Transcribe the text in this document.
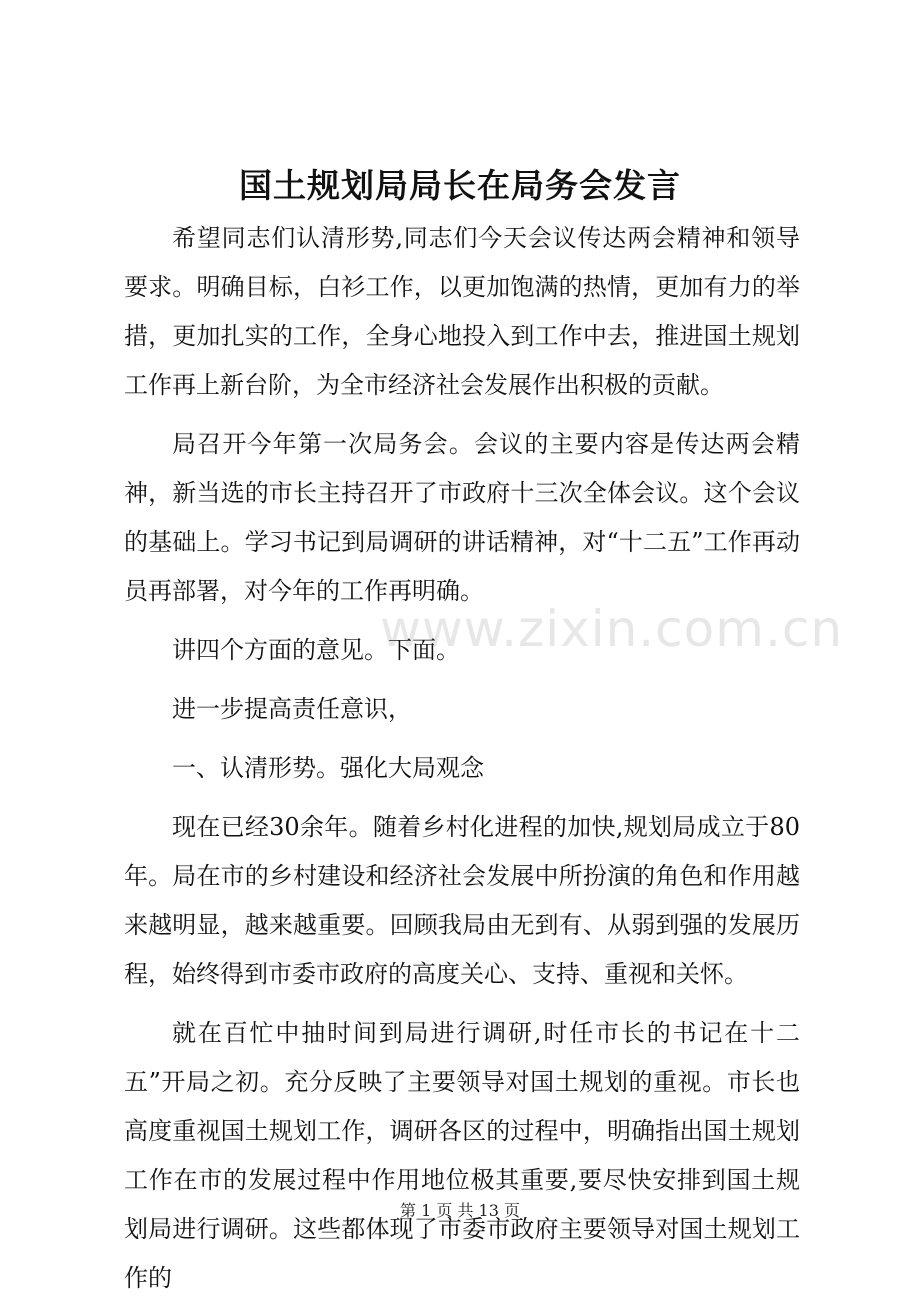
国土规划局局长在局务会发言

希望同志们认清形势,同志们今天会议传达两会精神和领导要求。明确目标，白衫工作，以更加饱满的热情，更加有力的举措，更加扎实的工作，全身心地投入到工作中去，推进国土规划工作再上新台阶，为全市经济社会发展作出积极的贡献。

局召开今年第一次局务会。会议的主要内容是传达两会精神，新当选的市长主持召开了市政府十三次全体会议。这个会议的基础上。学习书记到局调研的讲话精神，对“十二五”工作再动员再部署，对今年的工作再明确。

讲四个方面的意见。下面。

进一步提高责任意识，

一、认清形势。强化大局观念

现在已经30余年。随着乡村化进程的加快,规划局成立于80年。局在市的乡村建设和经济社会发展中所扮演的角色和作用越来越明显，越来越重要。回顾我局由无到有、从弱到强的发展历程，始终得到市委市政府的高度关心、支持、重视和关怀。

就在百忙中抽时间到局进行调研,时任市长的书记在十二五”开局之初。充分反映了主要领导对国土规划的重视。市长也高度重视国土规划工作，调研各区的过程中，明确指出国土规划工作在市的发展过程中作用地位极其重要,要尽快安排到国土规划局进行调研。这些都体现了市委市政府主要领导对国土规划工作的

www.zixin.com.cn
第 1 页 共 13 页
